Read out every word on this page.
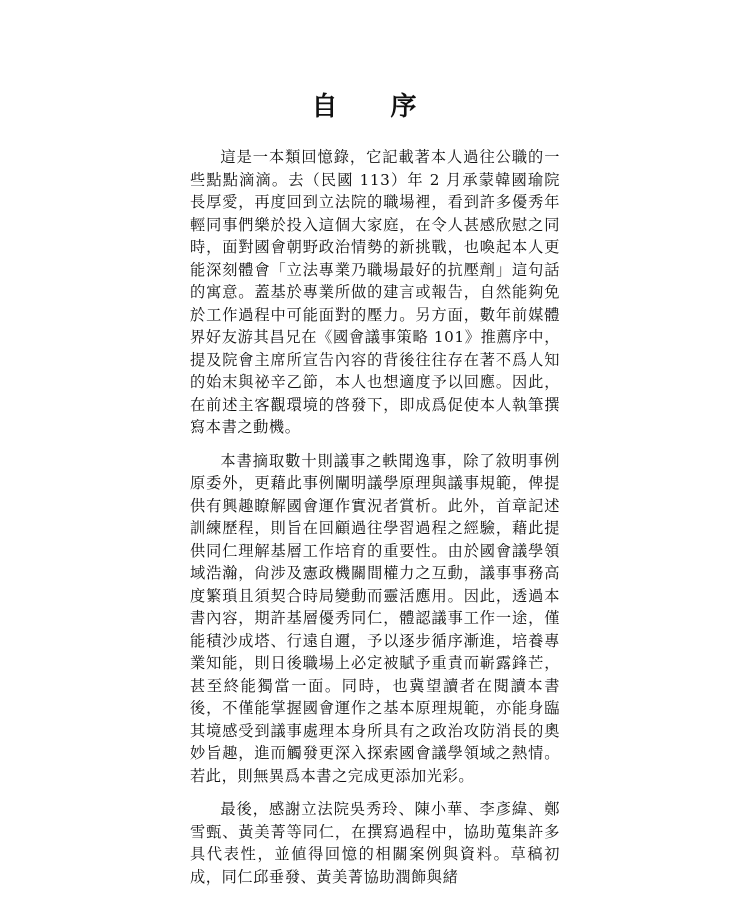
自 序

這是一本類回憶錄，它記載著本人過往公職的一些點點滴滴。去（民國 113）年 2 月承蒙韓國瑜院長厚愛，再度回到立法院的職場裡，看到許多優秀年輕同事們樂於投入這個大家庭，在令人甚感欣慰之同時，面對國會朝野政治情勢的新挑戰，也喚起本人更能深刻體會「立法專業乃職場最好的抗壓劑」這句話的寓意。蓋基於專業所做的建言或報告，自然能夠免於工作過程中可能面對的壓力。另方面，數年前媒體界好友游其昌兄在《國會議事策略 101》推薦序中，提及院會主席所宣告內容的背後往往存在著不爲人知的始末與祕辛乙節，本人也想適度予以回應。因此，在前述主客觀環境的啓發下，即成爲促使本人執筆撰寫本書之動機。

本書摘取數十則議事之軼聞逸事，除了敘明事例原委外，更藉此事例闡明議學原理與議事規範，俾提供有興趣瞭解國會運作實況者賞析。此外，首章記述訓練歷程，則旨在回顧過往學習過程之經驗，藉此提供同仁理解基層工作培育的重要性。由於國會議學領域浩瀚，尙涉及憲政機關間權力之互動，議事事務高度繁瑣且須契合時局變動而靈活應用。因此，透過本書內容，期許基層優秀同仁，體認議事工作一途，僅能積沙成塔、行遠自邇，予以逐步循序漸進，培養專業知能，則日後職場上必定被賦予重責而嶄露鋒芒，甚至終能獨當一面。同時，也冀望讀者在閱讀本書後，不僅能掌握國會運作之基本原理規範，亦能身臨其境感受到議事處理本身所具有之政治攻防消長的奧妙旨趣，進而觸發更深入探索國會議學領域之熱情。若此，則無異爲本書之完成更添加光彩。

最後，感謝立法院吳秀玲、陳小華、李彥緯、鄭雪甄、黃美菁等同仁，在撰寫過程中，協助蒐集許多具代表性，並値得回憶的相關案例與資料。草稿初成，同仁邱垂發、黃美菁協助潤飾與緒
